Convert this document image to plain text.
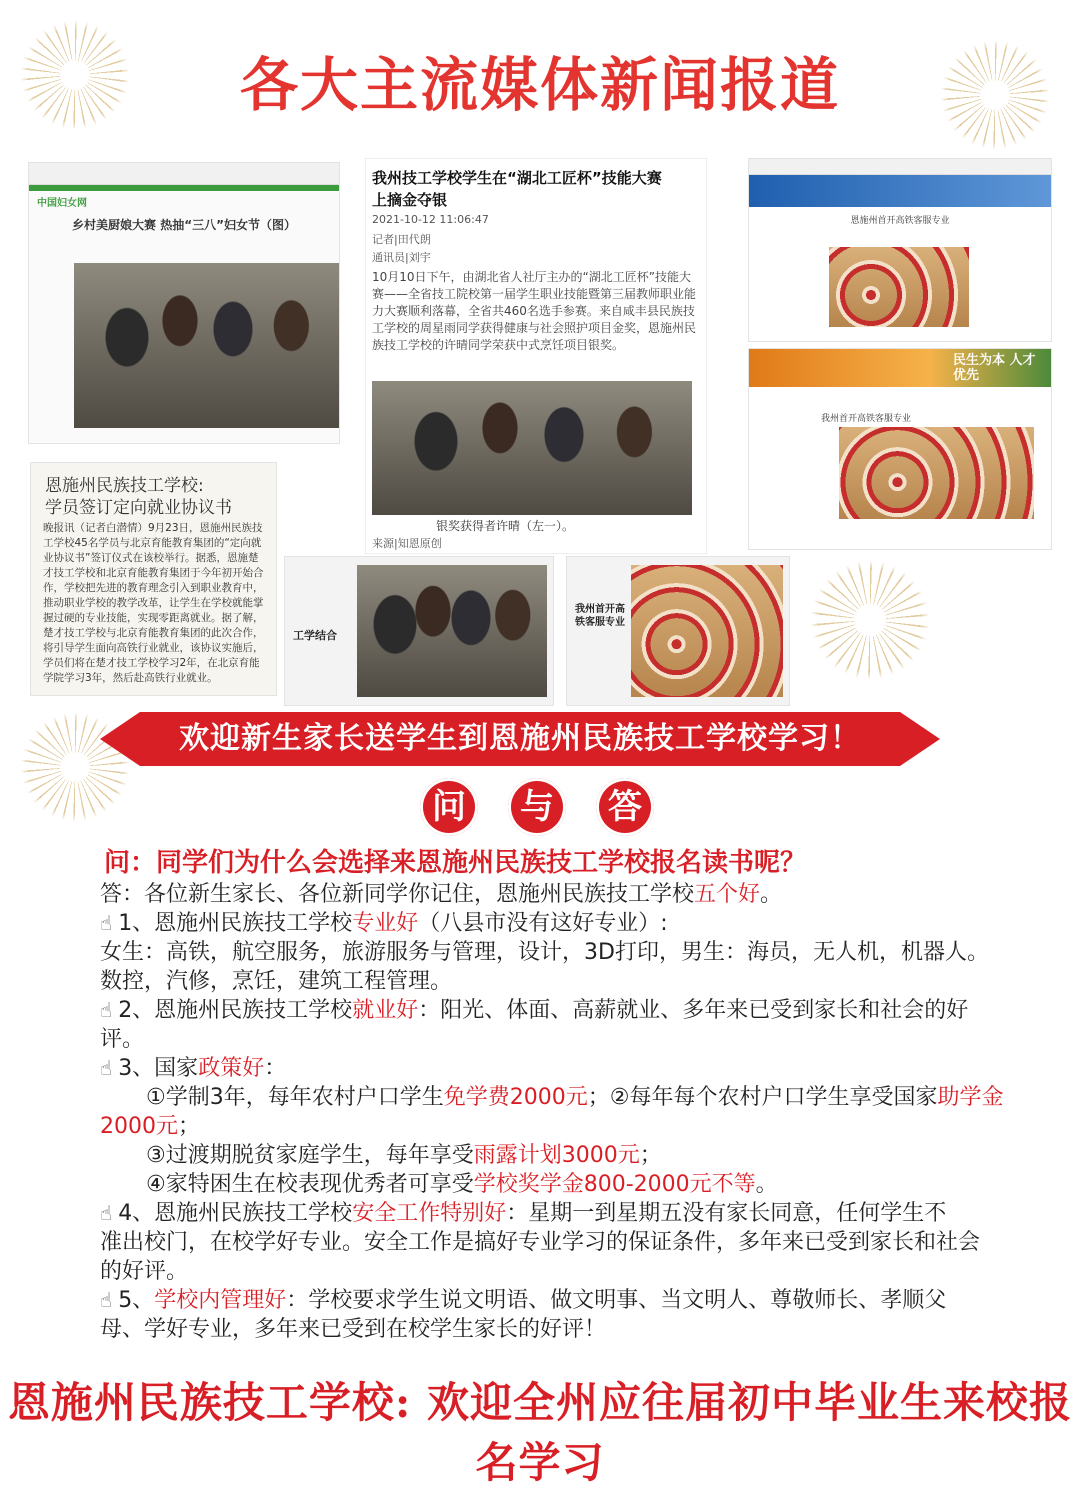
各大主流媒体新闻报道
中国妇女网
乡村美厨娘大赛 热抽“三八”妇女节（图）
我州技工学校学生在“湖北工匠杯”技能大赛上摘金夺银
2021-10-12 11:06:47
记者|田代朗
通讯员|刘宇
10月10日下午，由湖北省人社厅主办的“湖北工匠杯”技能大赛——全省技工院校第一届学生职业技能暨第三届教师职业能力大赛顺利落幕，全省共460名选手参赛。来自咸丰县民族技工学校的周星雨同学获得健康与社会照护项目金奖，恩施州民族技工学校的许晴同学荣获中式烹饪项目银奖。
银奖获得者许晴（左一）。
来源|知恩原创
恩施州首开高铁客服专业
民生为本 人才优先
我州首开高铁客服专业
恩施州民族技工学校:
学员签订定向就业协议书
晚报讯（记者白潜情）9月23日，恩施州民族技工学校45名学员与北京育能教育集团的“定向就业协议书”签订仪式在该校举行。据悉，恩施楚才技工学校和北京育能教育集团于今年初开始合作，学校把先进的教育理念引入到职业教育中，推动职业学校的教学改革，让学生在学校就能掌握过硬的专业技能，实现零距离就业。据了解，楚才技工学校与北京育能教育集团的此次合作，将引导学生面向高铁行业就业，该协议实施后，学员们将在楚才技工学校学习2年，在北京育能学院学习3年，然后赴高铁行业就业。
工学结合
我州首开高铁客服专业
欢迎新生家长送学生到恩施州民族技工学校学习！
问	与	答
问：同学们为什么会选择来恩施州民族技工学校报名读书呢？
答：各位新生家长、各位新同学你记住，恩施州民族技工学校五个好。
☝ 1、恩施州民族技工学校专业好（八县市没有这好专业）:
女生：高铁，航空服务，旅游服务与管理，设计，3D打印，男生：海员，无人机，机器人。
数控，汽修，烹饪，建筑工程管理。
☝ 2、恩施州民族技工学校就业好：阳光、体面、高薪就业、多年来已受到家长和社会的好
评。
☝ 3、国家政策好：
①学制3年，每年农村户口学生免学费2000元；②每年每个农村户口学生享受国家助学金
2000元；
③过渡期脱贫家庭学生，每年享受雨露计划3000元；
④家特困生在校表现优秀者可享受学校奖学金800-2000元不等。
☝ 4、恩施州民族技工学校安全工作特别好：星期一到星期五没有家长同意，任何学生不
准出校门，在校学好专业。安全工作是搞好专业学习的保证条件，多年来已受到家长和社会
的好评。
☝ 5、学校内管理好：学校要求学生说文明语、做文明事、当文明人、尊敬师长、孝顺父
母、学好专业，多年来已受到在校学生家长的好评！
恩施州民族技工学校: 欢迎全州应往届初中毕业生来校报名学习
